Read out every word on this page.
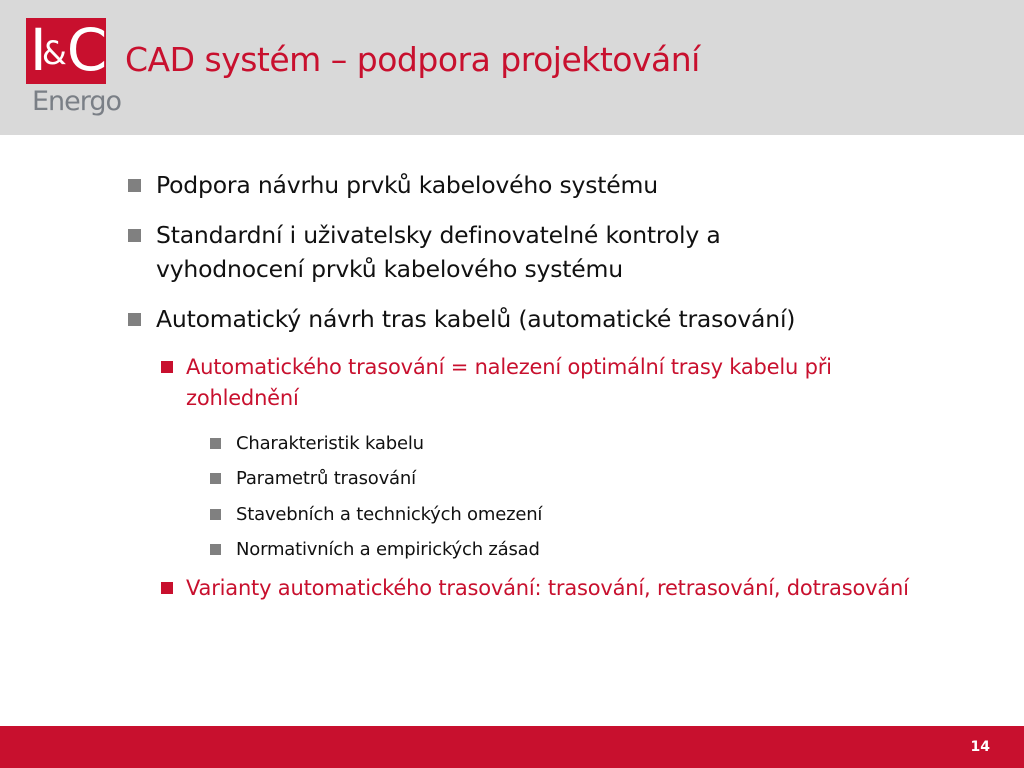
I&C
Energo
CAD systém – podpora projektování

Podpora návrhu prvků kabelového systému

Standardní i uživatelsky definovatelné kontroly a vyhodnocení prvků kabelového systému

Automatický návrh tras kabelů (automatické trasování)

Automatického trasování = nalezení optimální trasy kabelu při zohlednění

Charakteristik kabelu

Parametrů trasování

Stavebních a technických omezení

Normativních a empirických zásad

Varianty automatického trasování: trasování, retrasování, dotrasování

14
